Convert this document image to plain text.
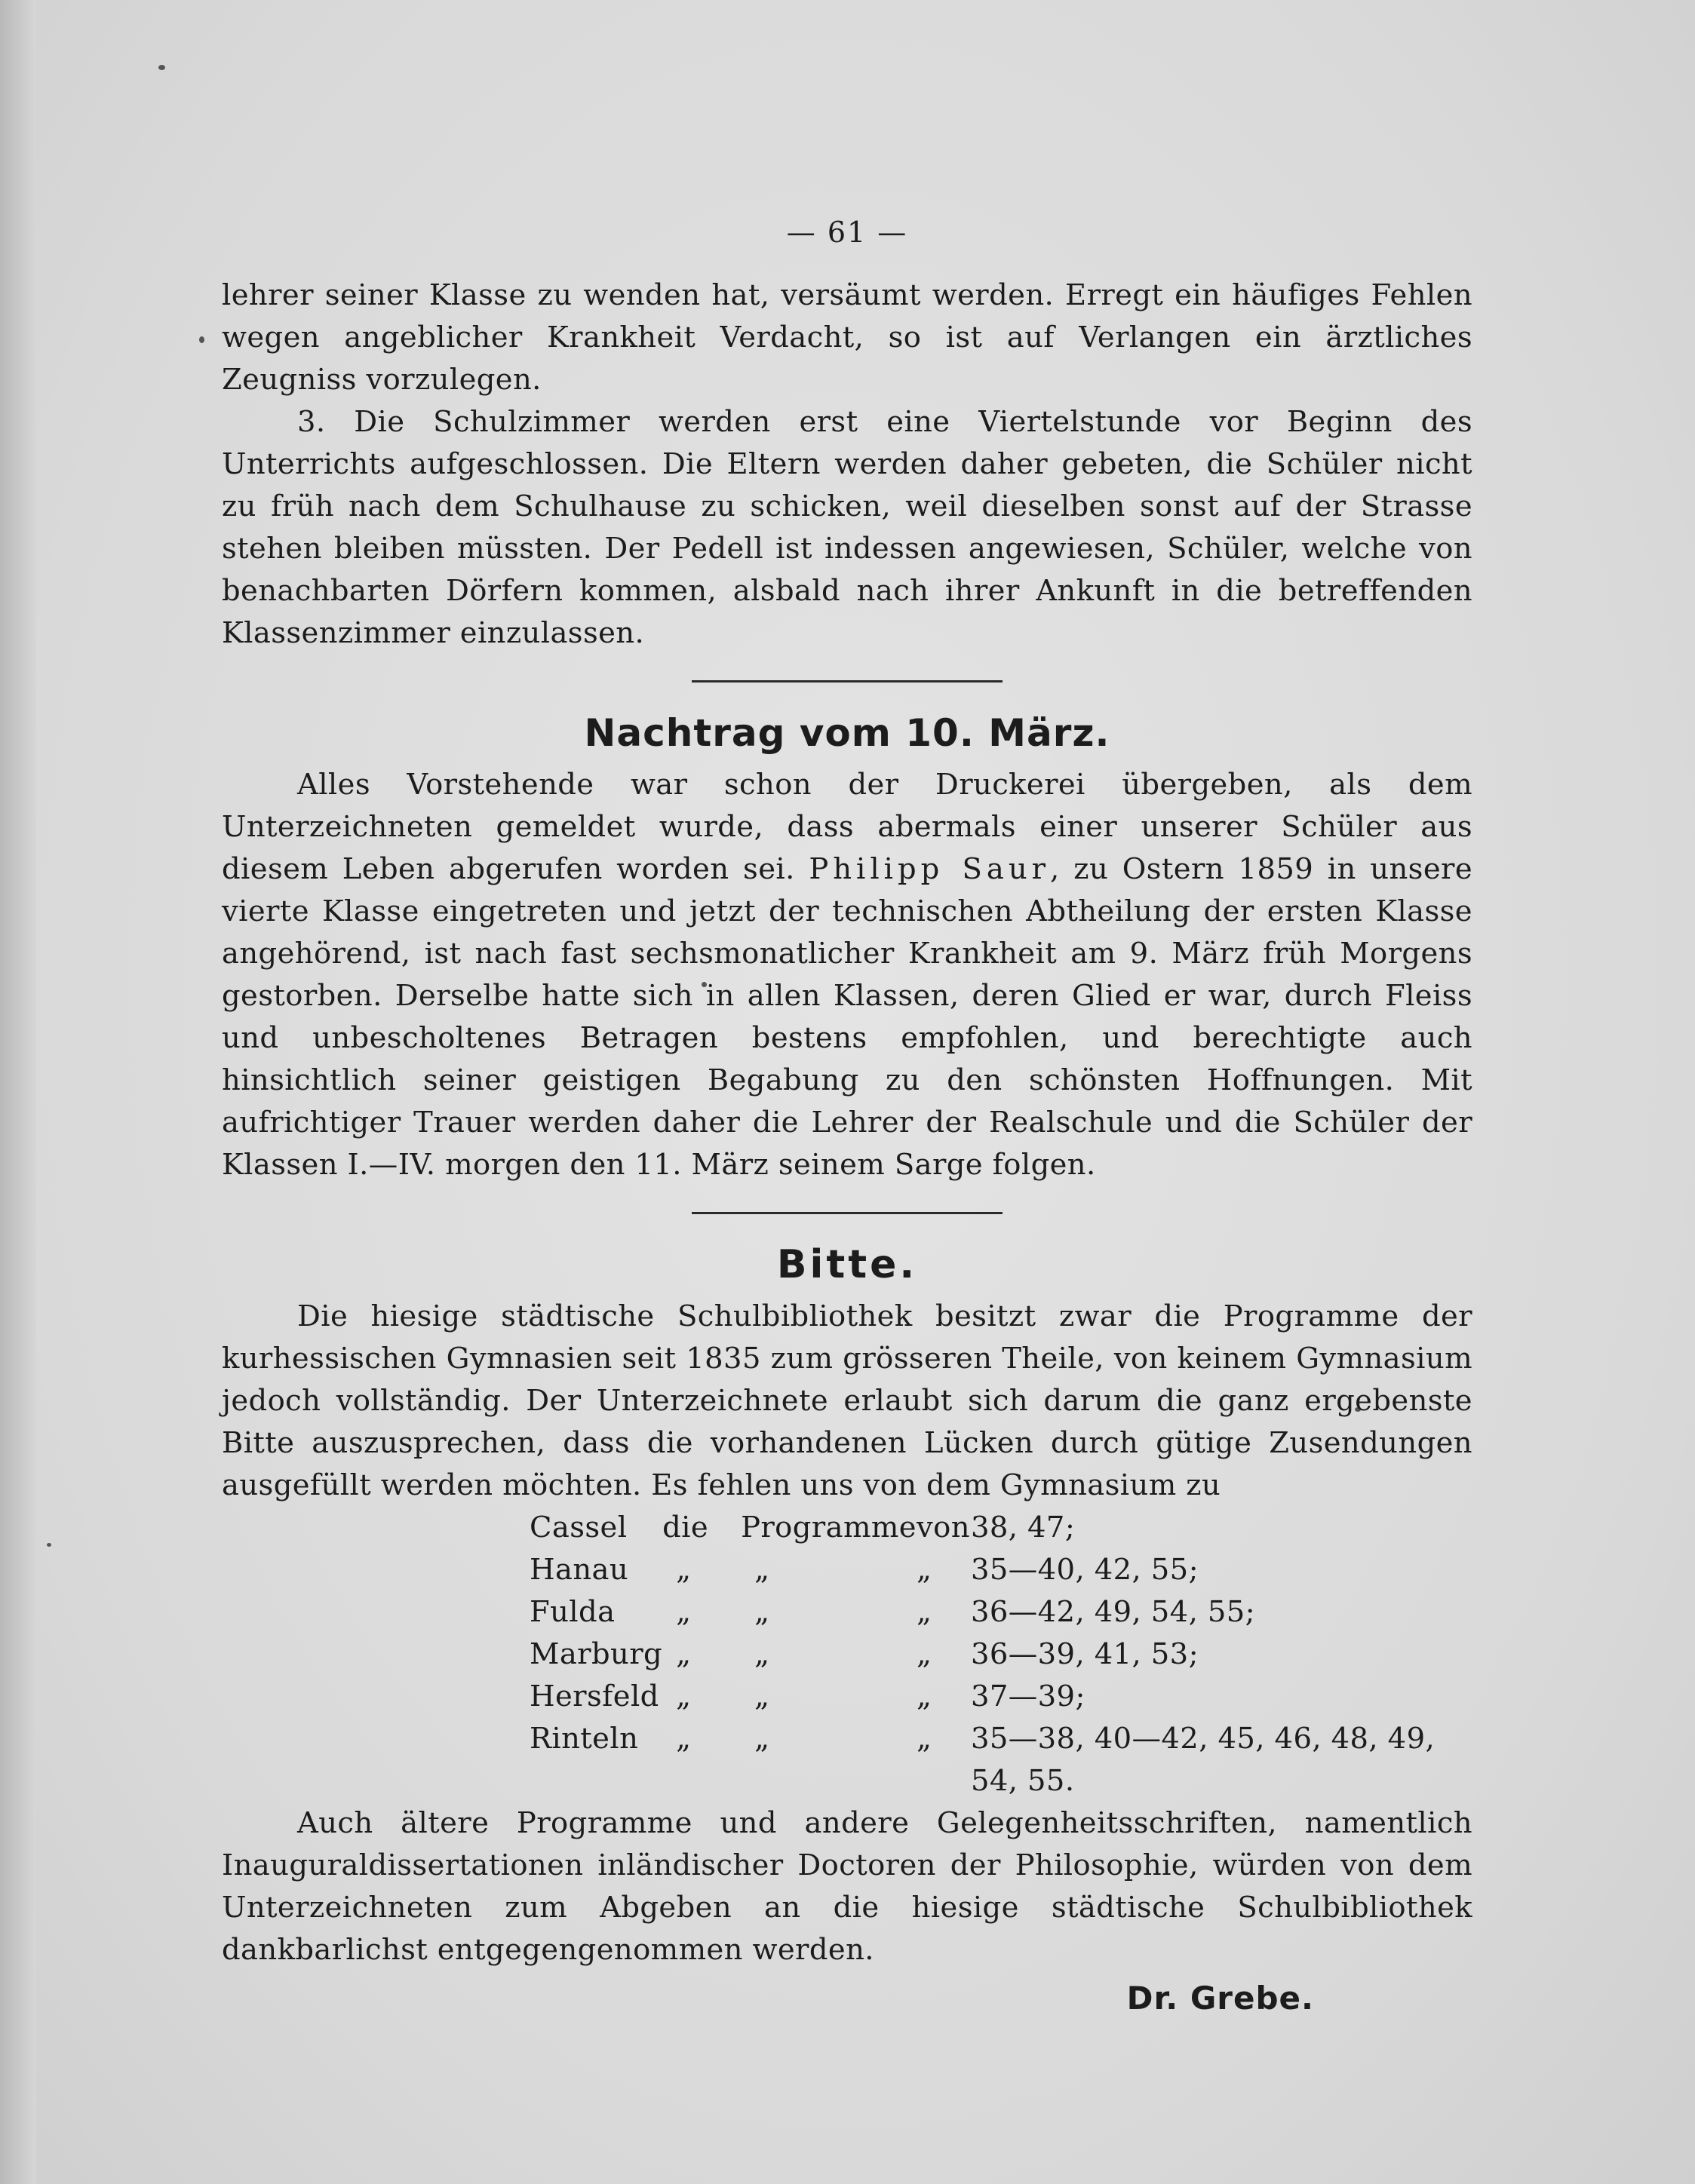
— 61 —

lehrer seiner Klasse zu wenden hat, versäumt werden. Erregt ein häufiges Fehlen wegen angeblicher Krankheit Verdacht, so ist auf Verlangen ein ärztliches Zeugniss vorzulegen.

3. Die Schulzimmer werden erst eine Viertelstunde vor Beginn des Unterrichts aufgeschlossen. Die Eltern werden daher gebeten, die Schüler nicht zu früh nach dem Schulhause zu schicken, weil dieselben sonst auf der Strasse stehen bleiben müssten. Der Pedell ist indessen angewiesen, Schüler, welche von benachbarten Dörfern kommen, alsbald nach ihrer Ankunft in die betreffenden Klassenzimmer einzulassen.

Nachtrag vom 10. März.

Alles Vorstehende war schon der Druckerei übergeben, als dem Unterzeichneten gemeldet wurde, dass abermals einer unserer Schüler aus diesem Leben abgerufen worden sei. Philipp Saur, zu Ostern 1859 in unsere vierte Klasse eingetreten und jetzt der technischen Abtheilung der ersten Klasse angehörend, ist nach fast sechsmonatlicher Krankheit am 9. März früh Morgens gestorben. Derselbe hatte sich in allen Klassen, deren Glied er war, durch Fleiss und unbescholtenes Betragen bestens empfohlen, und berechtigte auch hinsichtlich seiner geistigen Begabung zu den schönsten Hoffnungen. Mit aufrichtiger Trauer werden daher die Lehrer der Realschule und die Schüler der Klassen I.—IV. morgen den 11. März seinem Sarge folgen.

Bitte.

Die hiesige städtische Schulbibliothek besitzt zwar die Programme der kurhessischen Gymnasien seit 1835 zum grösseren Theile, von keinem Gymnasium jedoch vollständig. Der Unterzeichnete erlaubt sich darum die ganz ergebenste Bitte auszusprechen, dass die vorhandenen Lücken durch gütige Zusendungen ausgefüllt werden möchten. Es fehlen uns von dem Gymnasium zu

Cassel	die	Programme	von	38, 47;
Hanau	„	„	„	35—40, 42, 55;
Fulda	„	„	„	36—42, 49, 54, 55;
Marburg	„	„	„	36—39, 41, 53;
Hersfeld	„	„	„	37—39;
Rinteln	„	„	„	35—38, 40—42, 45, 46, 48, 49, 54, 55.

Auch ältere Programme und andere Gelegenheitsschriften, namentlich Inauguraldissertationen inländischer Doctoren der Philosophie, würden von dem Unterzeichneten zum Abgeben an die hiesige städtische Schulbibliothek dankbarlichst entgegengenommen werden.

Dr. Grebe.
